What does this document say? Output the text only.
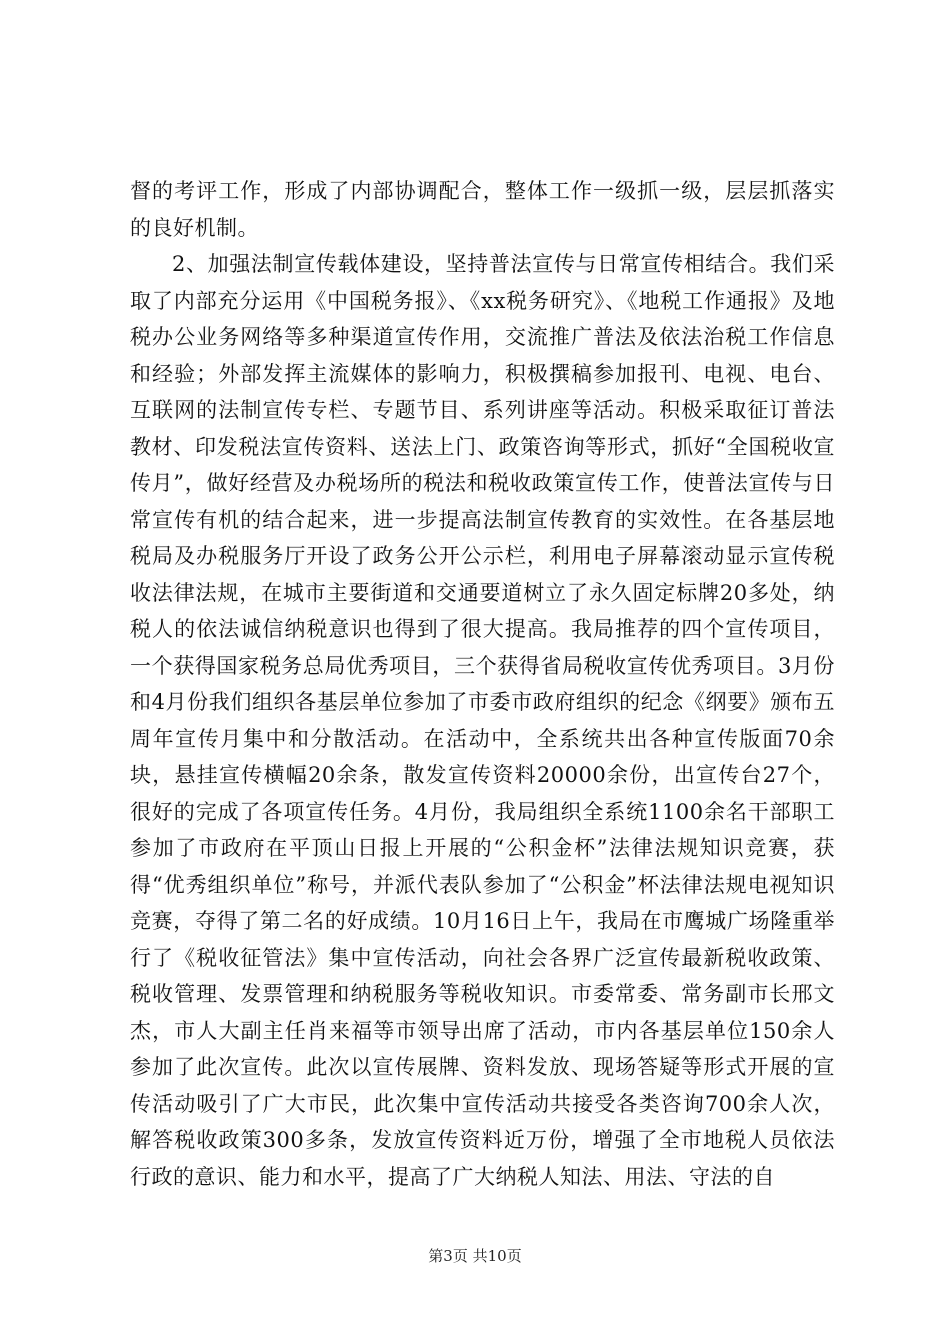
督的考评工作，形成了内部协调配合，整体工作一级抓一级，层层抓落实的良好机制。

2、加强法制宣传载体建设，坚持普法宣传与日常宣传相结合。我们采取了内部充分运用《中国税务报》、《xx税务研究》、《地税工作通报》及地税办公业务网络等多种渠道宣传作用，交流推广普法及依法治税工作信息和经验；外部发挥主流媒体的影响力，积极撰稿参加报刊、电视、电台、互联网的法制宣传专栏、专题节目、系列讲座等活动。积极采取征订普法教材、印发税法宣传资料、送法上门、政策咨询等形式，抓好“全国税收宣传月”，做好经营及办税场所的税法和税收政策宣传工作，使普法宣传与日常宣传有机的结合起来，进一步提高法制宣传教育的实效性。在各基层地税局及办税服务厅开设了政务公开公示栏，利用电子屏幕滚动显示宣传税收法律法规，在城市主要街道和交通要道树立了永久固定标牌20多处，纳税人的依法诚信纳税意识也得到了很大提高。我局推荐的四个宣传项目，一个获得国家税务总局优秀项目，三个获得省局税收宣传优秀项目。3月份和4月份我们组织各基层单位参加了市委市政府组织的纪念《纲要》颁布五周年宣传月集中和分散活动。在活动中，全系统共出各种宣传版面70余块，悬挂宣传横幅20余条，散发宣传资料20000余份，出宣传台27个，很好的完成了各项宣传任务。4月份，我局组织全系统1100余名干部职工参加了市政府在平顶山日报上开展的“公积金杯”法律法规知识竞赛，获得“优秀组织单位”称号，并派代表队参加了“公积金”杯法律法规电视知识竞赛，夺得了第二名的好成绩。10月16日上午，我局在市鹰城广场隆重举行了《税收征管法》集中宣传活动，向社会各界广泛宣传最新税收政策、税收管理、发票管理和纳税服务等税收知识。市委常委、常务副市长邢文杰，市人大副主任肖来福等市领导出席了活动，市内各基层单位150余人参加了此次宣传。此次以宣传展牌、资料发放、现场答疑等形式开展的宣传活动吸引了广大市民，此次集中宣传活动共接受各类咨询700余人次，解答税收政策300多条，发放宣传资料近万份，增强了全市地税人员依法行政的意识、能力和水平，提高了广大纳税人知法、用法、守法的自

第3页 共10页
